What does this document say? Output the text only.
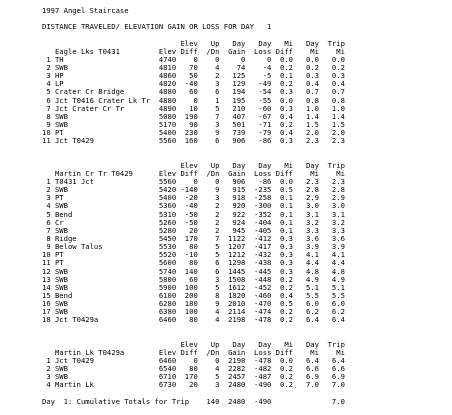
1997 Angel Staircase
DISTANCE TRAVELED/ ELEVATION GAIN OR LOSS FOR DAY   1
Elev   Up   Day   Day   Mi   Day  Trip
Eagle Lks T0431         Elev Diff  /Dn  Gain  Loss Diff    Mi    Mi
1 TH                      4740    0    0     0     0  0.0   0.0   0.0
2 SWB                     4810   70    4    74    -4  0.2   0.2   0.2
3 HP                      4860   50    2   125    -5  0.1   0.3   0.3
4 LP                      4820  -40    3   129   -49  0.2   0.4   0.4
5 Crater Cr Bridge        4880   60    6   194   -54  0.3   0.7   0.7
6 Jct T0416 Crater Lk Tr  4880    0    1   195   -55  0.0   0.8   0.8
7 Jct Crater Cr Tr        4890   10    5   210   -60  0.3   1.0   1.0
8 SWB                     5080  190    7   407   -67  0.4   1.4   1.4
9 SWB                     5170   90    3   501   -71  0.2   1.5   1.5
10 PT                      5400  230    9   739   -79  0.4   2.0   2.0
11 Jct T0429               5560  160    6   906   -86  0.3   2.3   2.3
Elev   Up   Day   Day   Mi   Day  Trip
Martin Cr Tr T0429      Elev Diff  /Dn  Gain  Loss Diff    Mi    Mi
1 T0431 Jct               5560    0    0   906   -86  0.0   2.3   2.3
2 SWB                     5420 -140    9   915  -235  0.5   2.8   2.8
3 PT                      5400  -20    3   918  -258  0.1   2.9   2.9
4 SWB                     5360  -40    2   920  -300  0.1   3.0   3.0
5 Bend                    5310  -50    2   922  -352  0.1   3.1   3.1
6 Cr                      5260  -50    2   924  -404  0.1   3.2   3.2
7 SWB                     5280   20    2   945  -405  0.1   3.3   3.3
8 Ridge                   5450  170    7  1122  -412  0.3   3.6   3.6
9 Below Talus             5530   80    5  1207  -417  0.3   3.9   3.9
10 PT                      5520  -10    5  1212  -432  0.3   4.1   4.1
11 PT                      5600   80    6  1298  -438  0.3   4.4   4.4
12 SWB                     5740  140    6  1445  -445  0.3   4.8   4.8
13 SWB                     5800   60    3  1508  -448  0.2   4.9   4.9
14 SWB                     5900  100    5  1612  -452  0.2   5.1   5.1
15 Bend                    6100  200    8  1820  -460  0.4   5.5   5.5
16 SWB                     6280  180    9  2010  -470  0.5   6.0   6.0
17 SWB                     6380  100    4  2114  -474  0.2   6.2   6.2
18 Jct T0429a              6460   80    4  2198  -478  0.2   6.4   6.4
Elev   Up   Day   Day   Mi   Day  Trip
Martin Lk T0429a        Elev Diff  /Dn  Gain  Loss Diff    Mi    Mi
1 Jct T0429               6460    0    0  2198  -478  0.0   6.4   6.4
2 SWB                     6540   80    4  2282  -482  0.2   6.6   6.6
3 SWB                     6710  170    5  2457  -487  0.2   6.9   6.9
4 Martin Lk               6730   20    3  2480  -490  0.2   7.0   7.0
Day  1: Cumulative Totals for Trip    140  2480  -490              7.0
